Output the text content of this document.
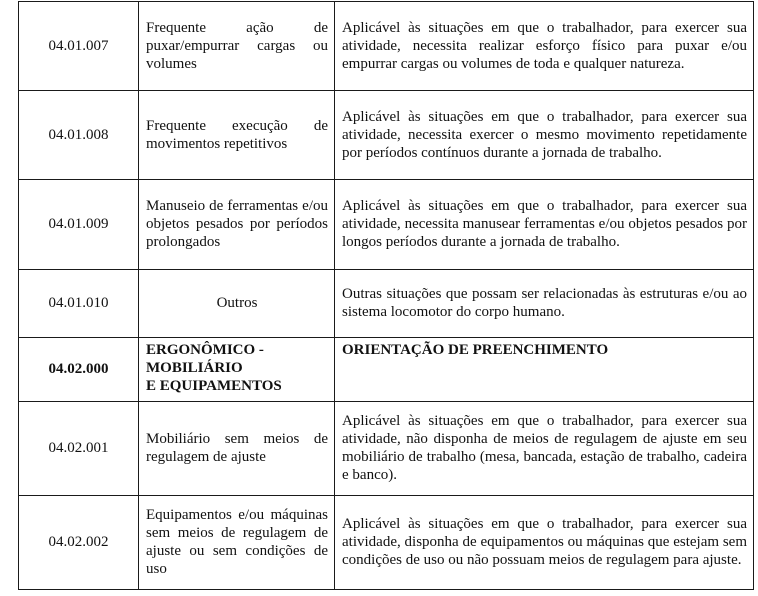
04.01.007	Frequente ação de puxar/empurrar cargas ou volumes	Aplicável às situações em que o trabalhador, para exercer sua atividade, necessita realizar esforço físico para puxar e/ou empurrar cargas ou volumes de toda e qualquer natureza.
04.01.008	Frequente execução de movimentos repetitivos	Aplicável às situações em que o trabalhador, para exercer sua atividade, necessita exercer o mesmo movimento repetidamente por períodos contínuos durante a jornada de trabalho.
04.01.009	Manuseio de ferramentas e/ou objetos pesados por períodos prolongados	Aplicável às situações em que o trabalhador, para exercer sua atividade, necessita manusear ferramentas e/ou objetos pesados por longos períodos durante a jornada de trabalho.
04.01.010	Outros	Outras situações que possam ser relacionadas às estruturas e/ou ao sistema locomotor do corpo humano.
04.02.000	ERGONÔMICO -
MOBILIÁRIO
E EQUIPAMENTOS	ORIENTAÇÃO DE PREENCHIMENTO
04.02.001	Mobiliário sem meios de regulagem de ajuste	Aplicável às situações em que o trabalhador, para exercer sua atividade, não disponha de meios de regulagem de ajuste em seu mobiliário de trabalho (mesa, bancada, estação de trabalho, cadeira e banco).
04.02.002	Equipamentos e/ou máquinas sem meios de regulagem de ajuste ou sem condições de uso	Aplicável às situações em que o trabalhador, para exercer sua atividade, disponha de equipamentos ou máquinas que estejam sem condições de uso ou não possuam meios de regulagem para ajuste.
